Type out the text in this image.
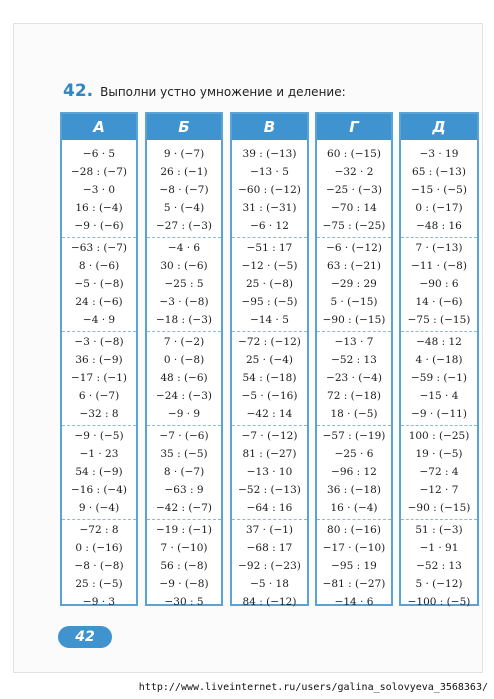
42. Выполни устно умножение и деление:
А
−6 · 5
−28 : (−7)
−3 · 0
16 : (−4)
−9 · (−6)
−63 : (−7)
8 · (−6)
−5 · (−8)
24 : (−6)
−4 · 9
−3 · (−8)
36 : (−9)
−17 : (−1)
6 · (−7)
−32 : 8
−9 · (−5)
−1 · 23
54 : (−9)
−16 : (−4)
9 · (−4)
−72 : 8
0 : (−16)
−8 · (−8)
25 : (−5)
−9 · 3
Б
9 · (−7)
26 : (−1)
−8 · (−7)
5 · (−4)
−27 : (−3)
−4 · 6
30 : (−6)
−25 : 5
−3 · (−8)
−18 : (−3)
7 · (−2)
0 · (−8)
48 : (−6)
−24 : (−3)
−9 · 9
−7 · (−6)
35 : (−5)
8 · (−7)
−63 : 9
−42 : (−7)
−19 : (−1)
7 · (−10)
56 : (−8)
−9 · (−8)
−30 : 5
В
39 : (−13)
−13 · 5
−60 : (−12)
31 : (−31)
−6 · 12
−51 : 17
−12 · (−5)
25 · (−8)
−95 : (−5)
−14 · 5
−72 : (−12)
25 · (−4)
54 : (−18)
−5 · (−16)
−42 : 14
−7 · (−12)
81 : (−27)
−13 · 10
−52 : (−13)
−64 : 16
37 · (−1)
−68 : 17
−92 : (−23)
−5 · 18
84 : (−12)
Г
60 : (−15)
−32 · 2
−25 · (−3)
−70 : 14
−75 : (−25)
−6 · (−12)
63 : (−21)
−29 : 29
5 · (−15)
−90 : (−15)
−13 · 7
−52 : 13
−23 · (−4)
72 : (−18)
18 · (−5)
−57 : (−19)
−25 · 6
−96 : 12
36 : (−18)
16 · (−4)
80 : (−16)
−17 · (−10)
−95 : 19
−81 : (−27)
−14 · 6
Д
−3 · 19
65 : (−13)
−15 · (−5)
0 : (−17)
−48 : 16
7 · (−13)
−11 · (−8)
−90 : 6
14 · (−6)
−75 : (−15)
−48 : 12
4 · (−18)
−59 : (−1)
−15 · 4
−9 · (−11)
100 : (−25)
19 · (−5)
−72 : 4
−12 · 7
−90 : (−15)
51 : (−3)
−1 · 91
−52 : 13
5 · (−12)
−100 : (−5)
42
http://www.liveinternet.ru/users/galina_solovyeva_3568363/
